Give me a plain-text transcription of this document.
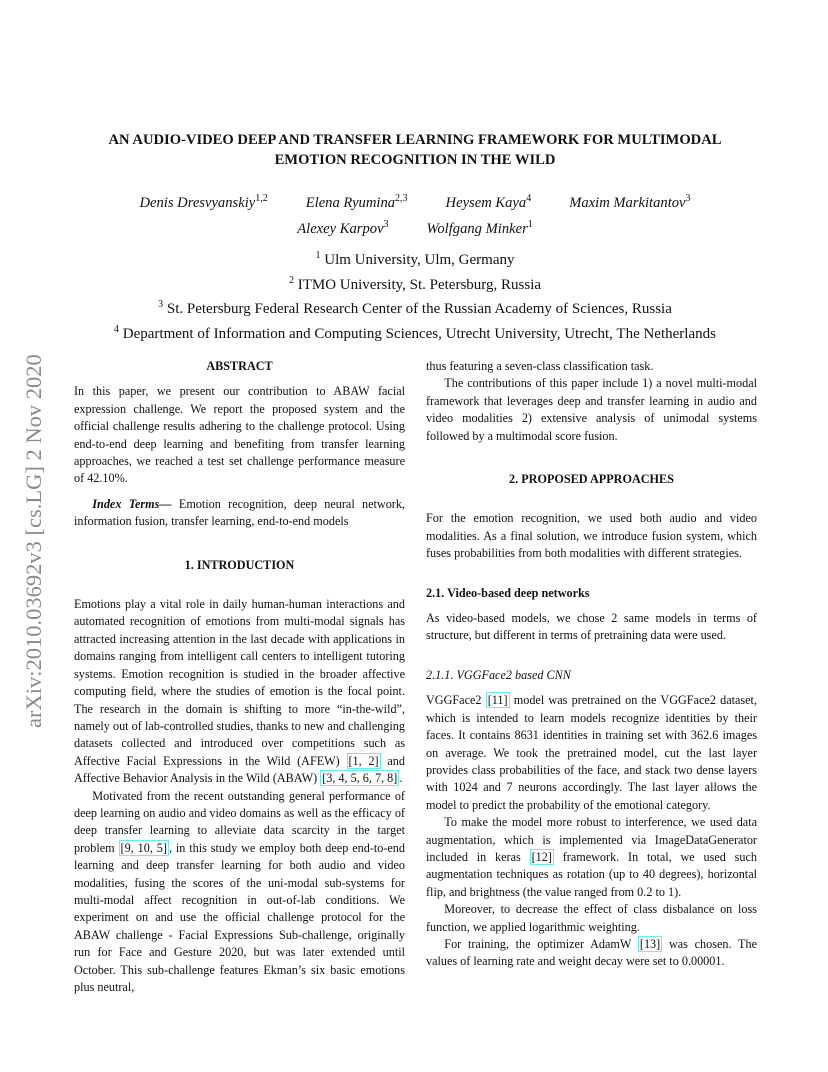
arXiv:2010.03692v3 [cs.LG] 2 Nov 2020
AN AUDIO-VIDEO DEEP AND TRANSFER LEARNING FRAMEWORK FOR MULTIMODAL
EMOTION RECOGNITION IN THE WILD
Denis Dresvyanskiy$^{1,2}$	Elena Ryumina$^{2,3}$	Heysem Kaya$^4$	Maxim Markitantov$^3$
Alexey Karpov$^3$	Wolfgang Minker$^1$
$^1$ Ulm University, Ulm, Germany
$^2$ ITMO University, St. Petersburg, Russia
$^3$ St. Petersburg Federal Research Center of the Russian Academy of Sciences, Russia
$^4$ Department of Information and Computing Sciences, Utrecht University, Utrecht, The Netherlands

ABSTRACT

In this paper, we present our contribution to ABAW facial expression challenge. We report the proposed system and the official challenge results adhering to the challenge protocol. Using end-to-end deep learning and benefiting from transfer learning approaches, we reached a test set challenge performance measure of 42.10%.

Index Terms— Emotion recognition, deep neural network, information fusion, transfer learning, end-to-end models

1. INTRODUCTION

Emotions play a vital role in daily human-human interactions and automated recognition of emotions from multi-modal signals has attracted increasing attention in the last decade with applications in domains ranging from intelligent call centers to intelligent tutoring systems. Emotion recognition is studied in the broader affective computing field, where the studies of emotion is the focal point. The research in the domain is shifting to more “in-the-wild”, namely out of lab-controlled studies, thanks to new and challenging datasets collected and introduced over competitions such as Affective Facial Expressions in the Wild (AFEW) [1, 2] and Affective Behavior Analysis in the Wild (ABAW) [3, 4, 5, 6, 7, 8] .

Motivated from the recent outstanding general performance of deep learning on audio and video domains as well as the efficacy of deep transfer learning to alleviate data scarcity in the target problem [9, 10, 5] , in this study we employ both deep end-to-end learning and deep transfer learning for both audio and video modalities, fusing the scores of the uni-modal sub-systems for multi-modal affect recognition in out-of-lab conditions. We experiment on and use the official challenge protocol for the ABAW challenge - Facial Expressions Sub-challenge, originally run for Face and Gesture 2020, but was later extended until October. This sub-challenge features Ekman’s six basic emotions plus neutral,

thus featuring a seven-class classification task.

The contributions of this paper include 1) a novel multi-modal framework that leverages deep and transfer learning in audio and video modalities 2) extensive analysis of unimodal systems followed by a multimodal score fusion.

2. PROPOSED APPROACHES

For the emotion recognition, we used both audio and video modalities. As a final solution, we introduce fusion system, which fuses probabilities from both modalities with different strategies.

2.1. Video-based deep networks

As video-based models, we chose 2 same models in terms of structure, but different in terms of pretraining data were used.

2.1.1. VGGFace2 based CNN

VGGFace2 [11] model was pretrained on the VGGFace2 dataset, which is intended to learn models recognize identities by their faces. It contains 8631 identities in training set with 362.6 images on average. We took the pretrained model, cut the last layer provides class probabilities of the face, and stack two dense layers with 1024 and 7 neurons accordingly. The last layer allows the model to predict the probability of the emotional category.

To make the model more robust to interference, we used data augmentation, which is implemented via ImageDataGenerator included in keras [12] framework. In total, we used such augmentation techniques as rotation (up to 40 degrees), horizontal flip, and brightness (the value ranged from 0.2 to 1).

Moreover, to decrease the effect of class disbalance on loss function, we applied logarithmic weighting.

For training, the optimizer AdamW [13] was chosen. The values of learning rate and weight decay were set to 0.00001.
